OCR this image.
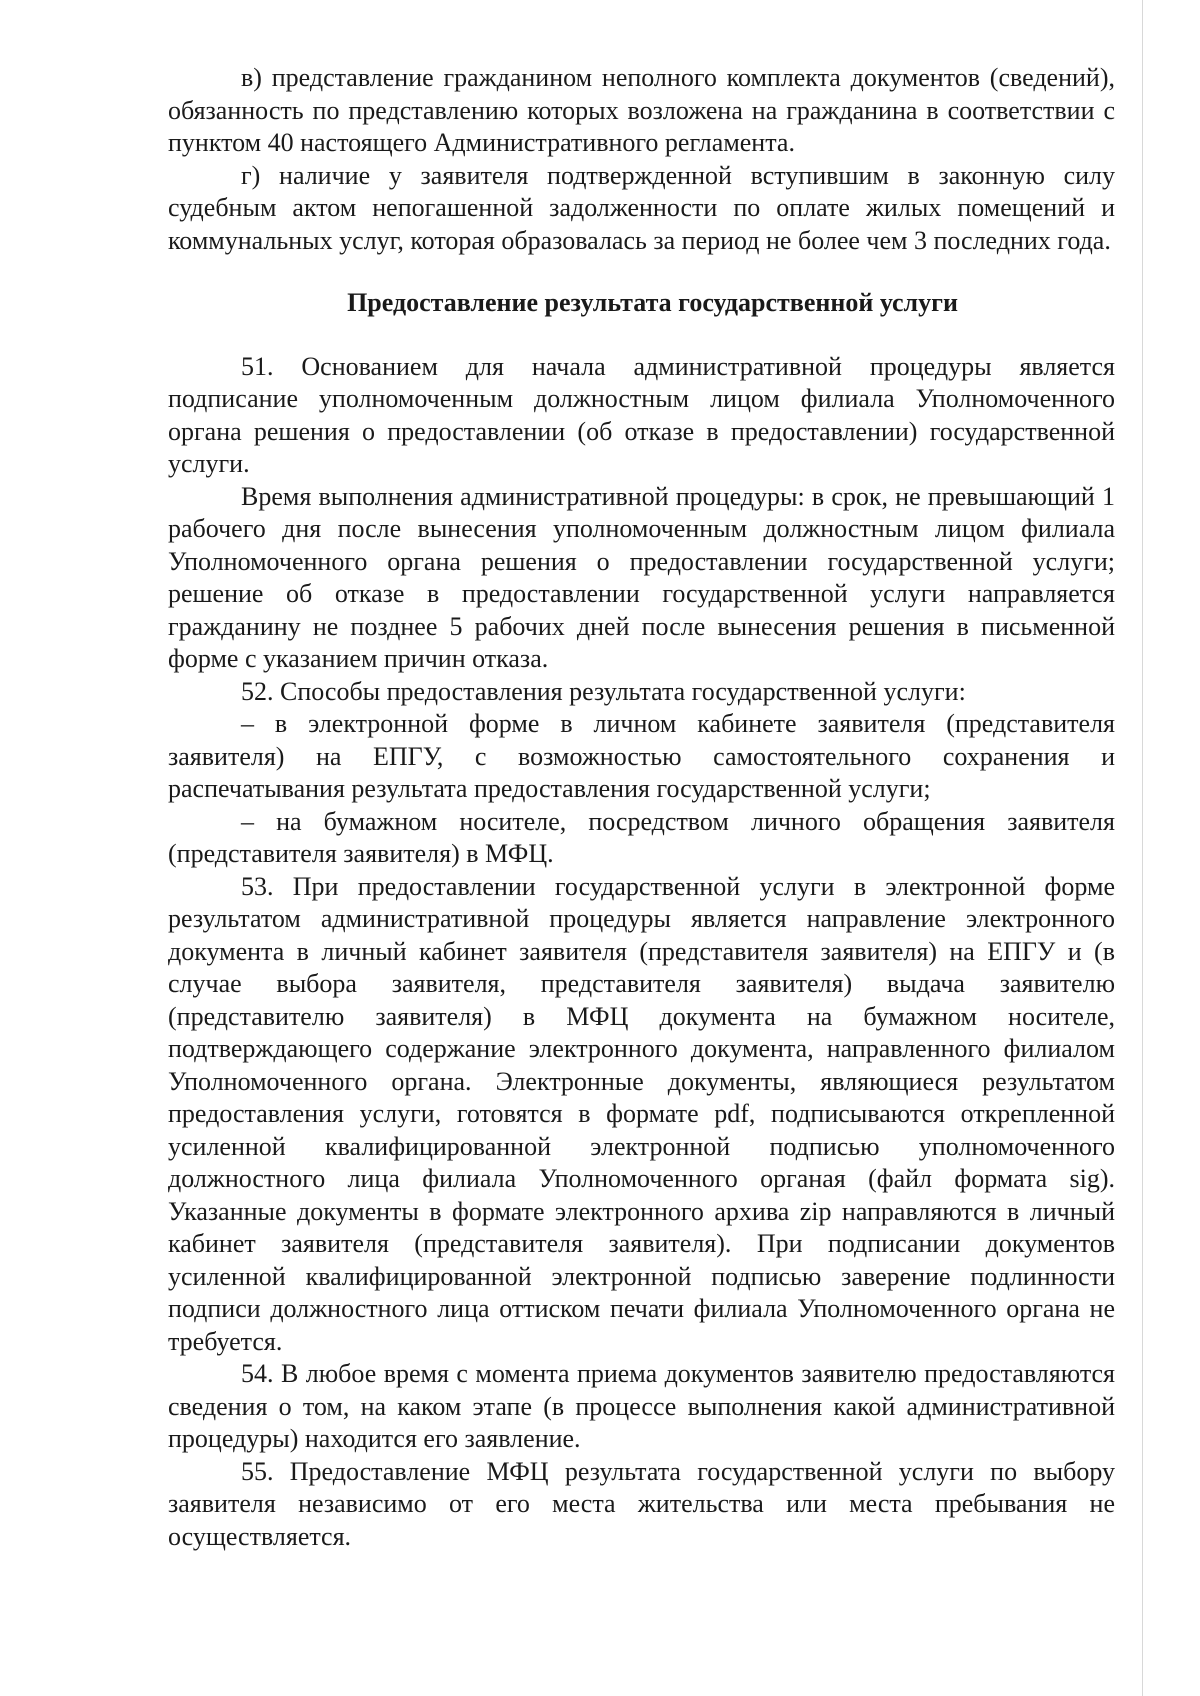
в) представление гражданином неполного комплекта документов (сведений), обязанность по представлению которых возложена на гражданина в соответствии с пунктом 40 настоящего Административного регламента.

г) наличие у заявителя подтвержденной вступившим в законную силу судебным актом непогашенной задолженности по оплате жилых помещений и коммунальных услуг, которая образовалась за период не более чем 3 последних года.

Предоставление результата государственной услуги

51. Основанием для начала административной процедуры является подписание уполномоченным должностным лицом филиала Уполномоченного органа решения о предоставлении (об отказе в предоставлении) государственной услуги.

Время выполнения административной процедуры: в срок, не превышающий 1 рабочего дня после вынесения уполномоченным должностным лицом филиала Уполномоченного органа решения о предоставлении государственной услуги; решение об отказе в предоставлении государственной услуги направляется гражданину не позднее 5 рабочих дней после вынесения решения в письменной форме с указанием причин отказа.

52. Способы предоставления результата государственной услуги:

– в электронной форме в личном кабинете заявителя (представителя заявителя) на ЕПГУ, с возможностью самостоятельного сохранения и распечатывания результата предоставления государственной услуги;

– на бумажном носителе, посредством личного обращения заявителя (представителя заявителя) в МФЦ.

53. При предоставлении государственной услуги в электронной форме результатом административной процедуры является направление электронного документа в личный кабинет заявителя (представителя заявителя) на ЕПГУ и (в случае выбора заявителя, представителя заявителя) выдача заявителю (представителю заявителя) в МФЦ документа на бумажном носителе, подтверждающего содержание электронного документа, направленного филиалом Уполномоченного органа. Электронные документы, являющиеся результатом предоставления услуги, готовятся в формате pdf, подписываются открепленной усиленной квалифицированной электронной подписью уполномоченного должностного лица филиала Уполномоченного органая (файл формата sig). Указанные документы в формате электронного архива zip направляются в личный кабинет заявителя (представителя заявителя). При подписании документов усиленной квалифицированной электронной подписью заверение подлинности подписи должностного лица оттиском печати филиала Уполномоченного органа не требуется.

54. В любое время с момента приема документов заявителю предоставляются сведения о том, на каком этапе (в процессе выполнения какой административной процедуры) находится его заявление.

55. Предоставление МФЦ результата государственной услуги по выбору заявителя независимо от его места жительства или места пребывания не осуществляется.
